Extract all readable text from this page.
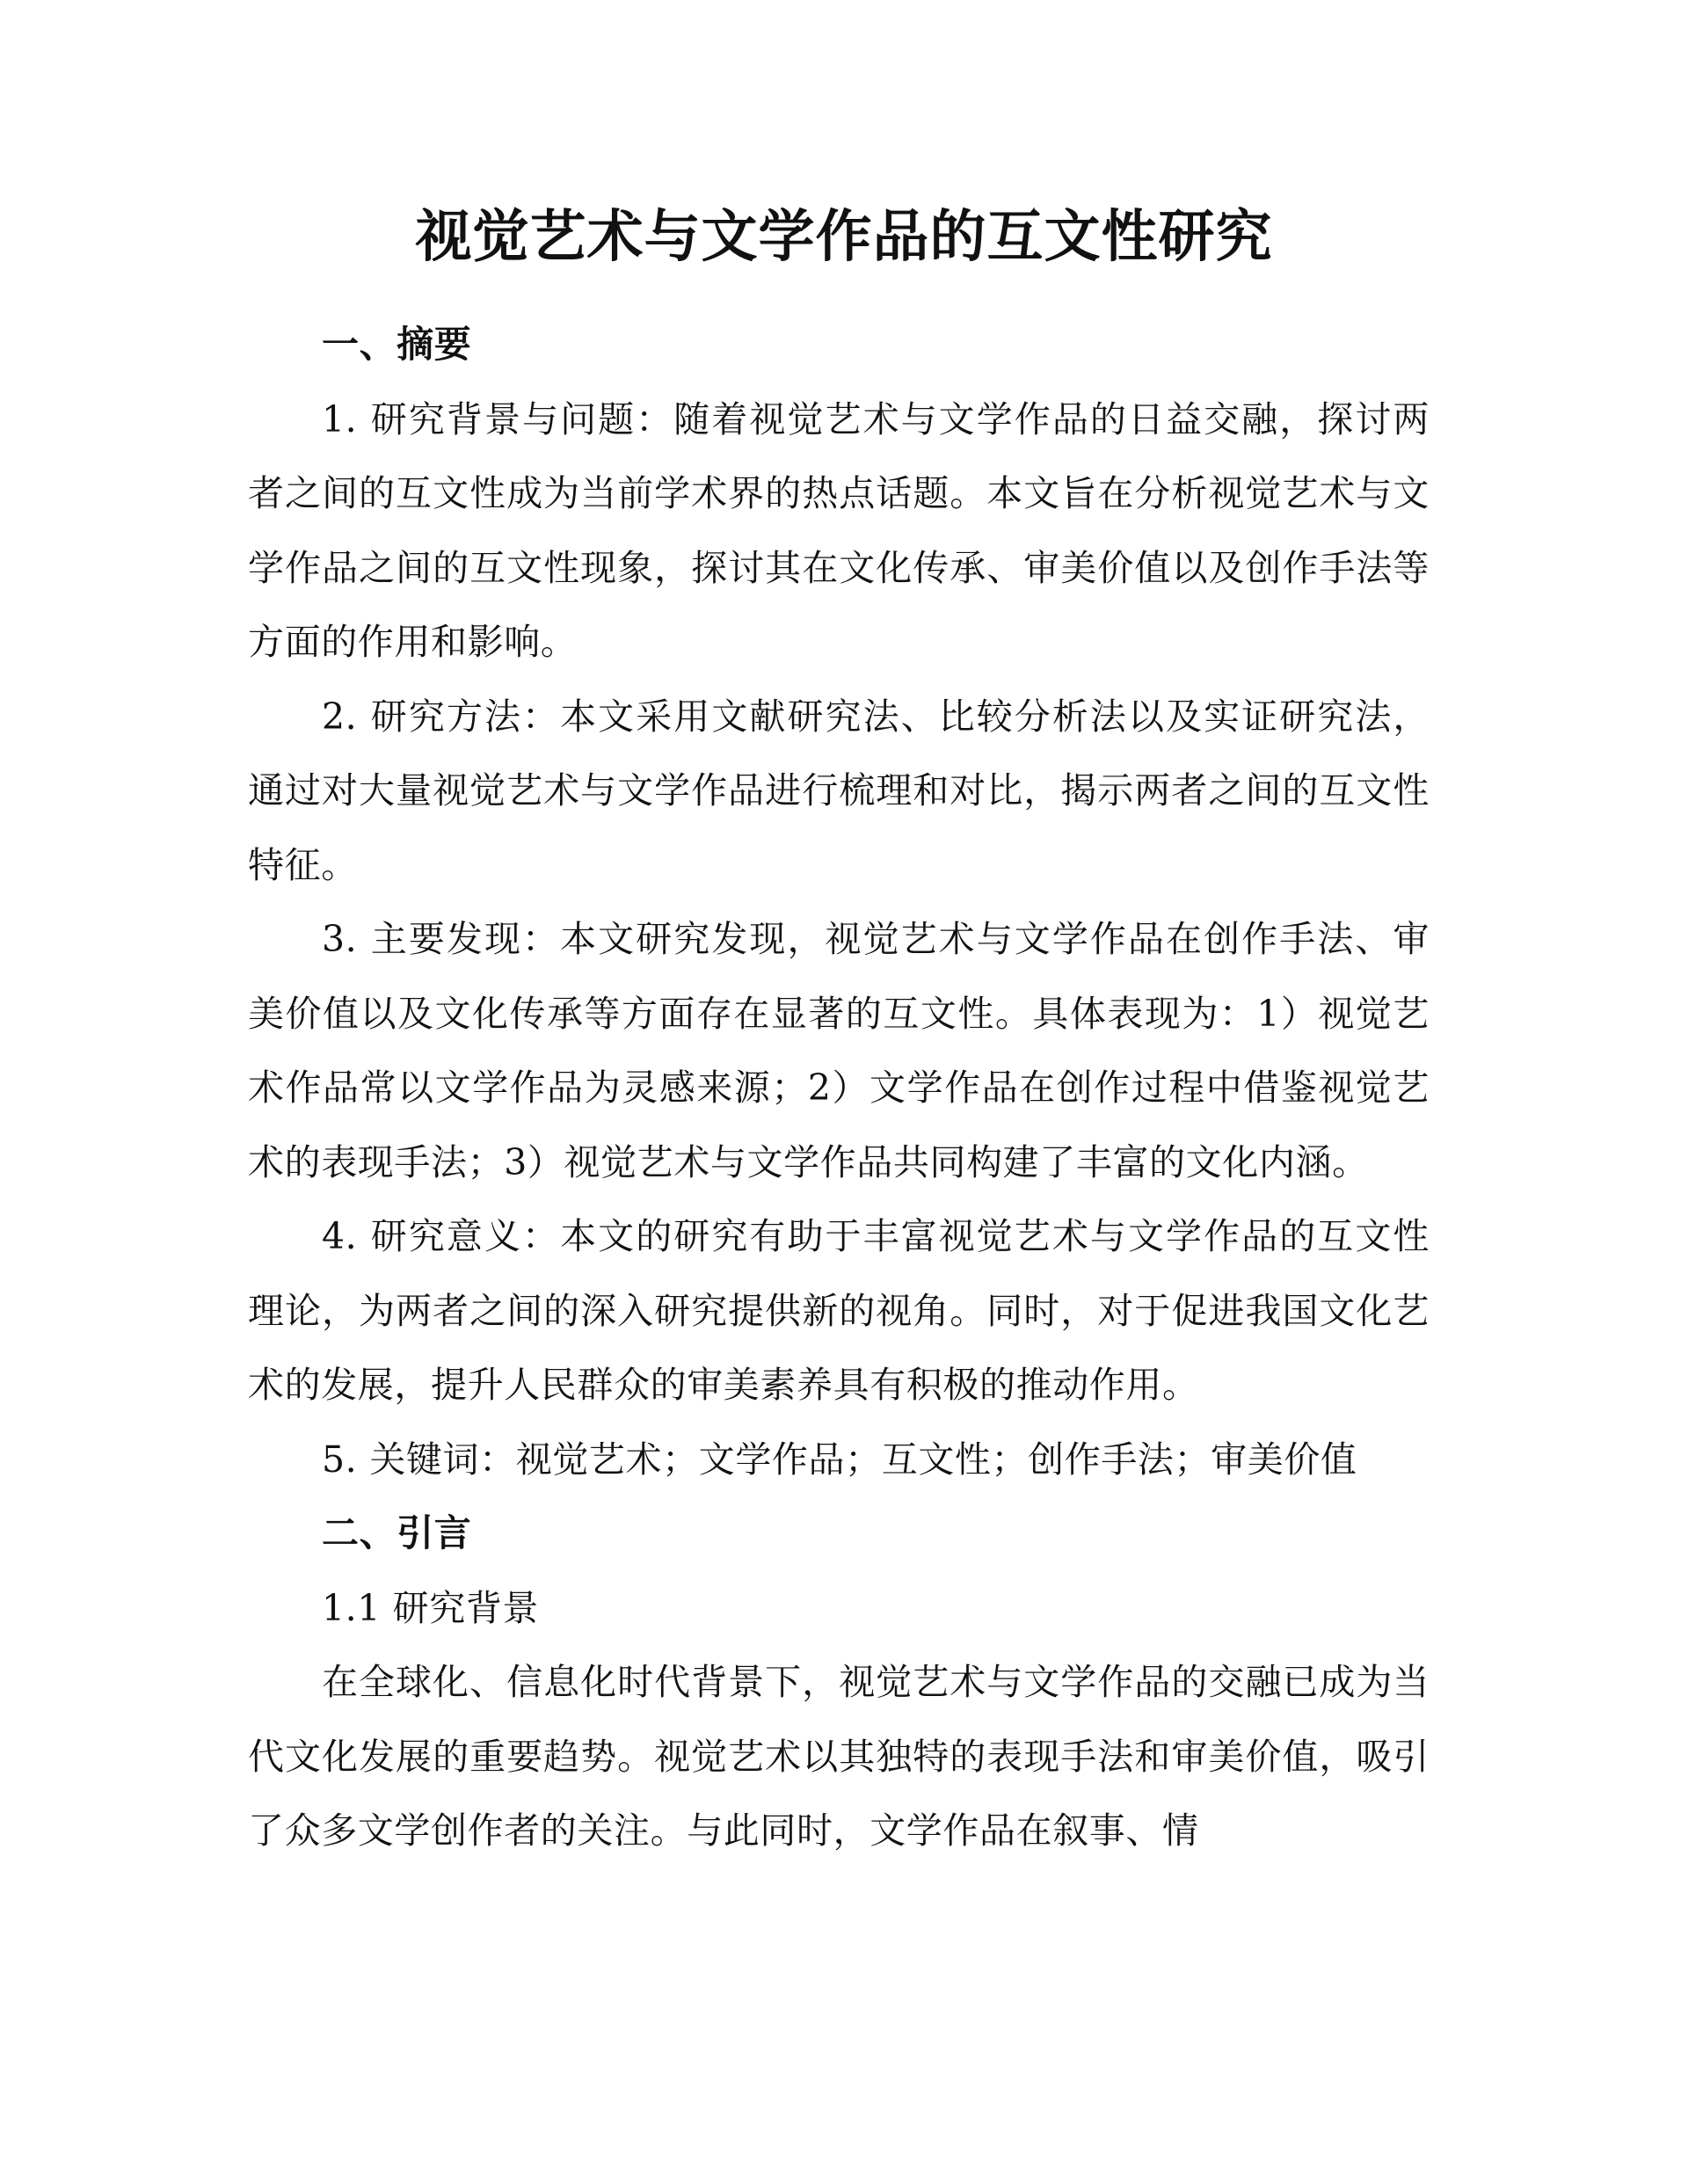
视觉艺术与文学作品的互文性研究

一、摘要

1. 研究背景与问题：随着视觉艺术与文学作品的日益交融，探讨两者之间的互文性成为当前学术界的热点话题。本文旨在分析视觉艺术与文学作品之间的互文性现象，探讨其在文化传承、审美价值以及创作手法等方面的作用和影响。

2. 研究方法：本文采用文献研究法、比较分析法以及实证研究法，通过对大量视觉艺术与文学作品进行梳理和对比，揭示两者之间的互文性特征。

3. 主要发现：本文研究发现，视觉艺术与文学作品在创作手法、审美价值以及文化传承等方面存在显著的互文性。具体表现为：1）视觉艺术作品常以文学作品为灵感来源；2）文学作品在创作过程中借鉴视觉艺术的表现手法；3）视觉艺术与文学作品共同构建了丰富的文化内涵。

4. 研究意义：本文的研究有助于丰富视觉艺术与文学作品的互文性理论，为两者之间的深入研究提供新的视角。同时，对于促进我国文化艺术的发展，提升人民群众的审美素养具有积极的推动作用。

5. 关键词：视觉艺术；文学作品；互文性；创作手法；审美价值

二、引言

1.1 研究背景

在全球化、信息化时代背景下，视觉艺术与文学作品的交融已成为当代文化发展的重要趋势。视觉艺术以其独特的表现手法和审美价值，吸引了众多文学创作者的关注。与此同时，文学作品在叙事、情
